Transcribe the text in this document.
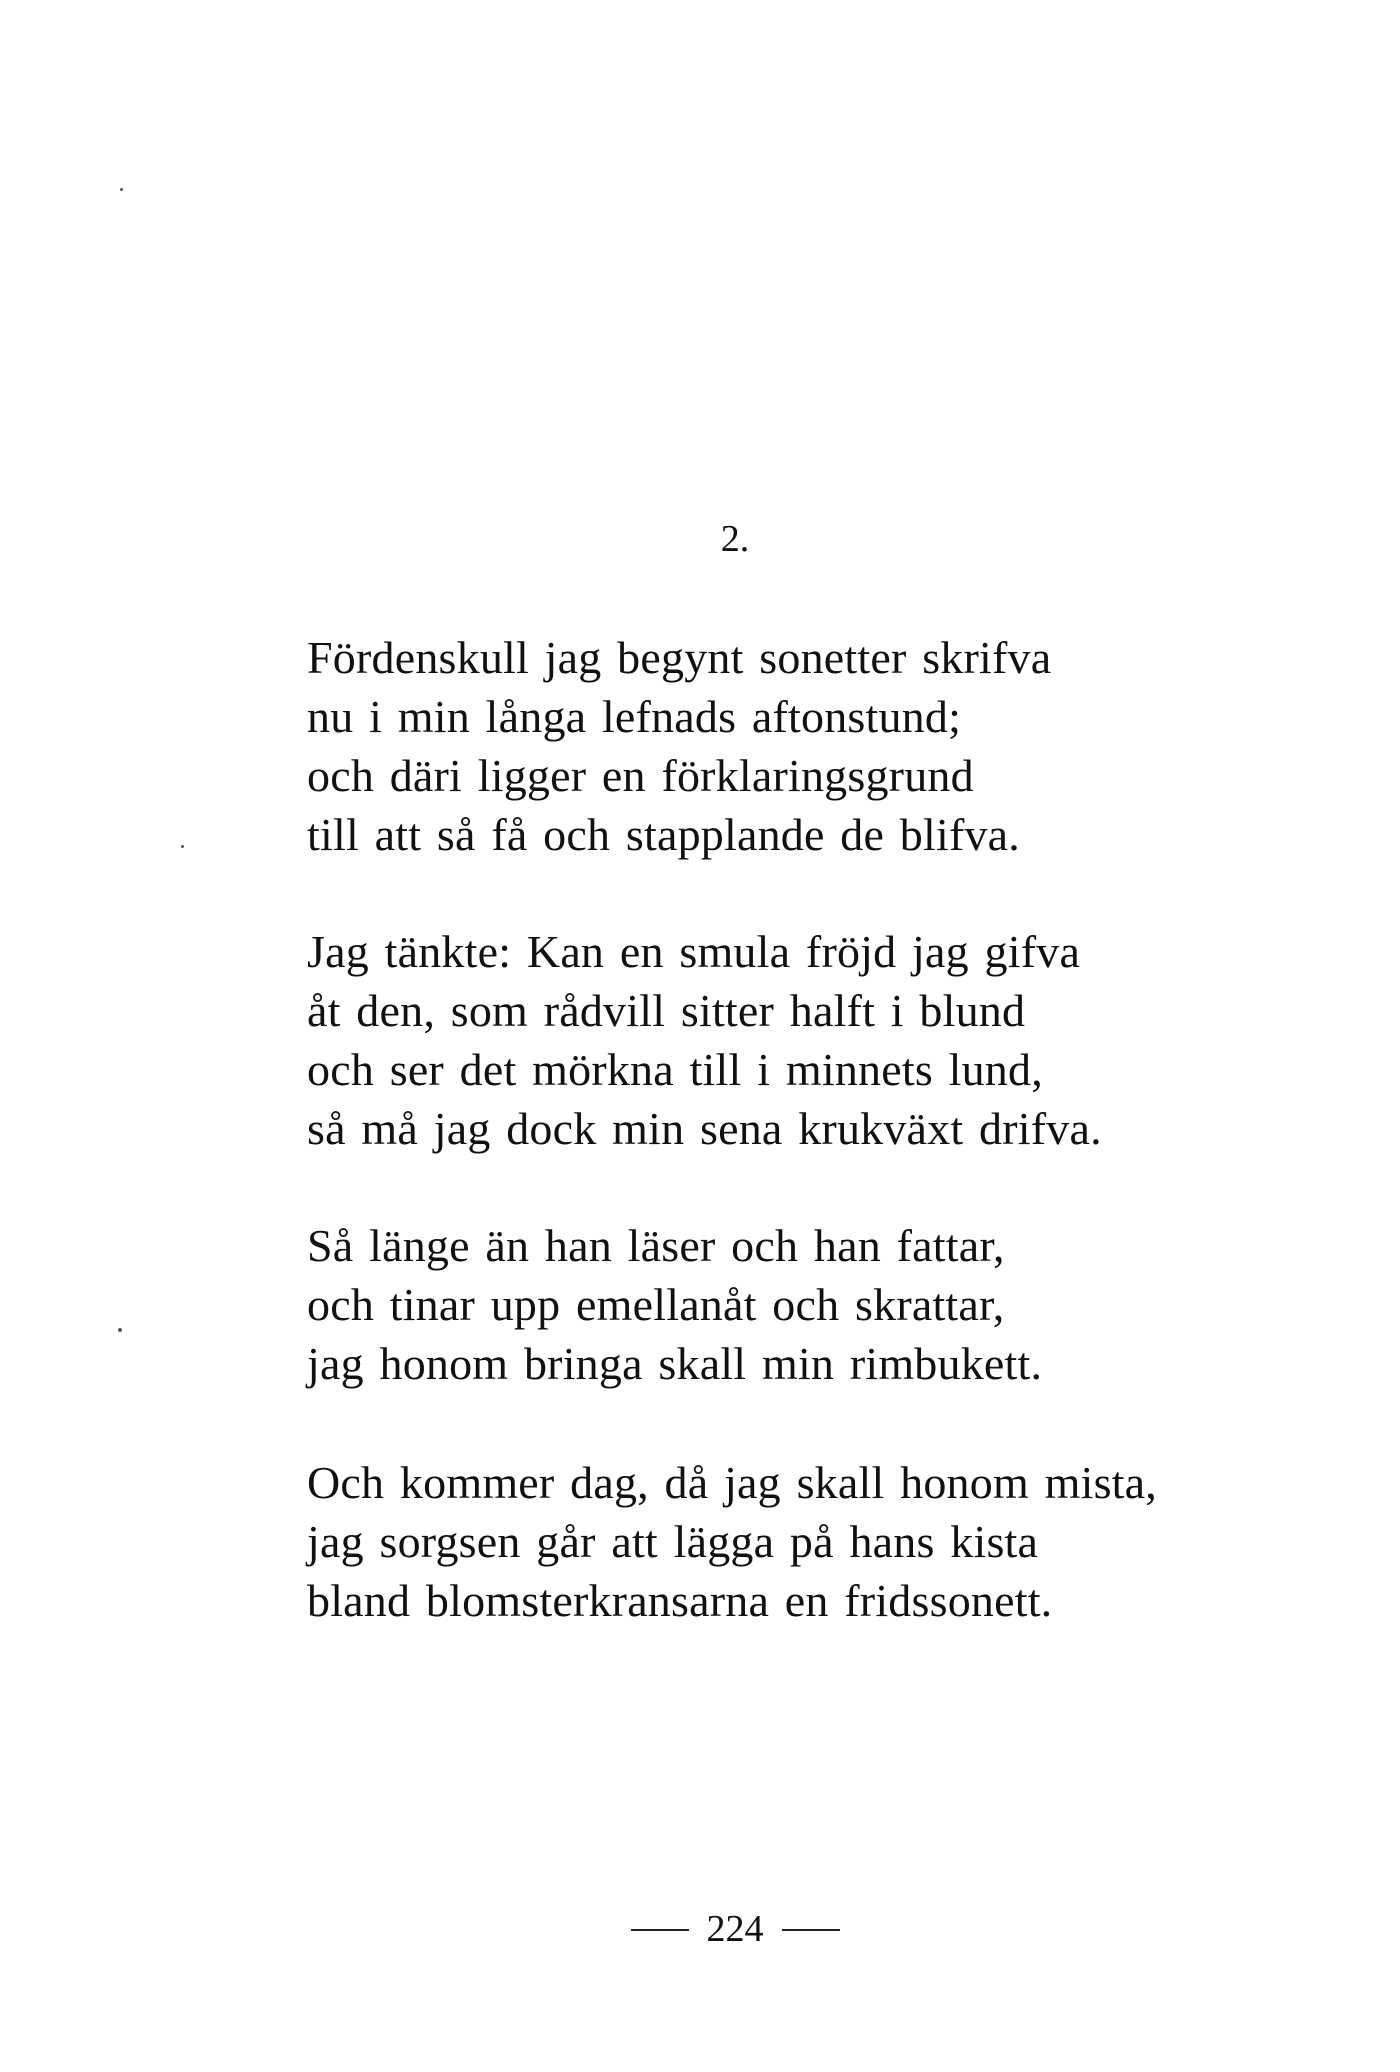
2.
Fördenskull jag begynt sonetter skrifva
nu i min långa lefnads aftonstund;
och däri ligger en förklaringsgrund
till att så få och stapplande de blifva.
Jag tänkte: Kan en smula fröjd jag gifva
åt den, som rådvill sitter halft i blund
och ser det mörkna till i minnets lund,
så må jag dock min sena krukväxt drifva.
Så länge än han läser och han fattar,
och tinar upp emellanåt och skrattar,
jag honom bringa skall min rimbukett.
Och kommer dag, då jag skall honom mista,
jag sorgsen går att lägga på hans kista
bland blomsterkransarna en fridssonett.
224
